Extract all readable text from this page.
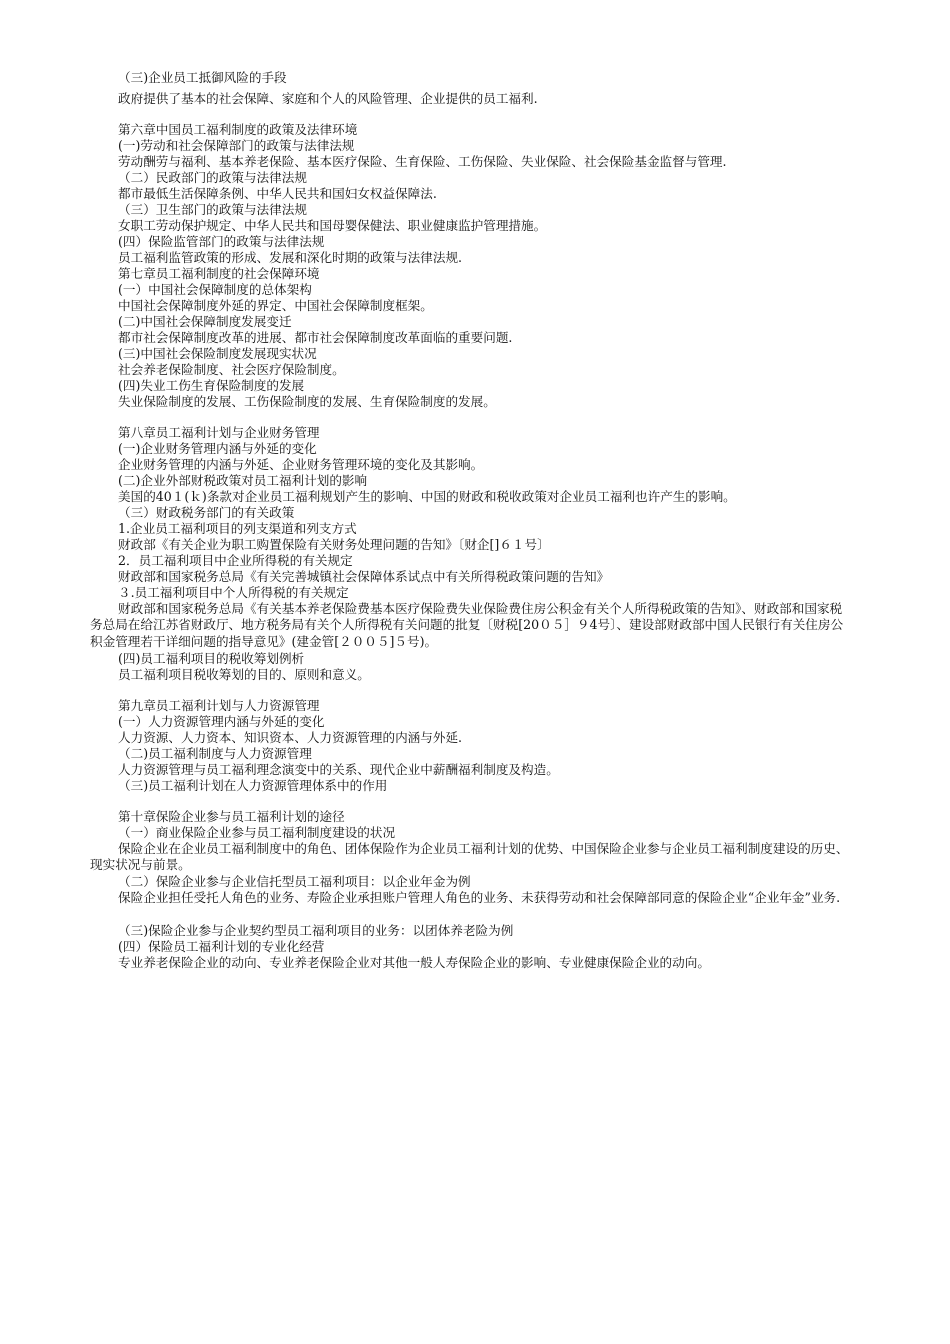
（三)企业员工抵御风险的手段
政府提供了基本的社会保障、家庭和个人的风险管理、企业提供的员工福利.
第六章中国员工福利制度的政策及法律环境
(一)劳动和社会保障部门的政策与法律法规
劳动酬劳与福利、基本养老保险、基本医疗保险、生育保险、工伤保险、失业保险、社会保险基金监督与管理.
（二）民政部门的政策与法律法规
都市最低生活保障条例、中华人民共和国妇女权益保障法.
（三）卫生部门的政策与法律法规
女职工劳动保护规定、中华人民共和国母婴保健法、职业健康监护管理措施。
(四）保险监管部门的政策与法律法规
员工福利监管政策的形成、发展和深化时期的政策与法律法规.
第七章员工福利制度的社会保障环境
(一）中国社会保障制度的总体架构
中国社会保障制度外延的界定、中国社会保障制度框架。
(二)中国社会保障制度发展变迁
都市社会保障制度改革的进展、都市社会保障制度改革面临的重要问题.
(三)中国社会保险制度发展现实状况
社会养老保险制度、社会医疗保险制度。
(四)失业工伤生育保险制度的发展
失业保险制度的发展、工伤保险制度的发展、生育保险制度的发展。
第八章员工福利计划与企业财务管理
(一)企业财务管理内涵与外延的变化
企业财务管理的内涵与外延、企业财务管理环境的变化及其影响。
(二)企业外部财税政策对员工福利计划的影响
美国的40１(ｋ)条款对企业员工福利规划产生的影响、中国的财政和税收政策对企业员工福利也许产生的影响。
（三）财政税务部门的有关政策
1.企业员工福利项目的列支渠道和列支方式
财政部《有关企业为职工购置保险有关财务处理问题的告知》〔财企[]６１号〕
2．员工福利项目中企业所得税的有关规定
财政部和国家税务总局《有关完善城镇社会保障体系试点中有关所得税政策问题的告知》
３.员工福利项目中个人所得税的有关规定
财政部和国家税务总局《有关基本养老保险费基本医疗保险费失业保险费住房公积金有关个人所得税政策的告知》、财政部和国家税务总局在给江苏省财政厅、地方税务局有关个人所得税有关问题的批复〔财税[20０５］９4号〕、建设部财政部中国人民银行有关住房公积金管理若干详细问题的指导意见》(建金管[２００５]５号)。
(四)员工福利项目的税收筹划例析
员工福利项目税收筹划的目的、原则和意义。
第九章员工福利计划与人力资源管理
(一）人力资源管理内涵与外延的变化
人力资源、人力资本、知识资本、人力资源管理的内涵与外延.
（二)员工福利制度与人力资源管理
人力资源管理与员工福利理念演变中的关系、现代企业中薪酬福利制度及构造。
（三)员工福利计划在人力资源管理体系中的作用
第十章保险企业参与员工福利计划的途径
（一）商业保险企业参与员工福利制度建设的状况
保险企业在企业员工福利制度中的角色、团体保险作为企业员工福利计划的优势、中国保险企业参与企业员工福利制度建设的历史、现实状况与前景。
（二）保险企业参与企业信托型员工福利项目：以企业年金为例
保险企业担任受托人角色的业务、寿险企业承担账户管理人角色的业务、未获得劳动和社会保障部同意的保险企业“企业年金”业务.
（三)保险企业参与企业契约型员工福利项目的业务：以团体养老险为例
(四）保险员工福利计划的专业化经营
专业养老保险企业的动向、专业养老保险企业对其他一般人寿保险企业的影响、专业健康保险企业的动向。
